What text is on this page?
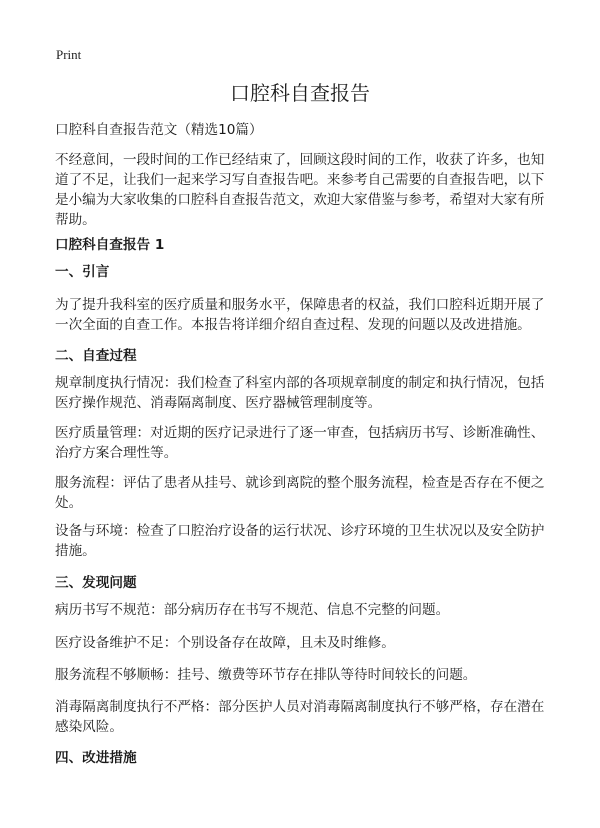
Print
口腔科自查报告
口腔科自查报告范文（精选10篇）
不经意间，一段时间的工作已经结束了，回顾这段时间的工作，收获了许多，也知道了不足，让我们一起来学习写自查报告吧。来参考自己需要的自查报告吧，以下是小编为大家收集的口腔科自查报告范文，欢迎大家借鉴与参考，希望对大家有所帮助。
口腔科自查报告 1
一、引言
为了提升我科室的医疗质量和服务水平，保障患者的权益，我们口腔科近期开展了一次全面的自查工作。本报告将详细介绍自查过程、发现的问题以及改进措施。
二、自查过程
规章制度执行情况：我们检查了科室内部的各项规章制度的制定和执行情况，包括医疗操作规范、消毒隔离制度、医疗器械管理制度等。
医疗质量管理：对近期的医疗记录进行了逐一审查，包括病历书写、诊断准确性、治疗方案合理性等。
服务流程：评估了患者从挂号、就诊到离院的整个服务流程，检查是否存在不便之处。
设备与环境：检查了口腔治疗设备的运行状况、诊疗环境的卫生状况以及安全防护措施。
三、发现问题
病历书写不规范：部分病历存在书写不规范、信息不完整的问题。
医疗设备维护不足：个别设备存在故障，且未及时维修。
服务流程不够顺畅：挂号、缴费等环节存在排队等待时间较长的问题。
消毒隔离制度执行不严格：部分医护人员对消毒隔离制度执行不够严格，存在潜在感染风险。
四、改进措施
